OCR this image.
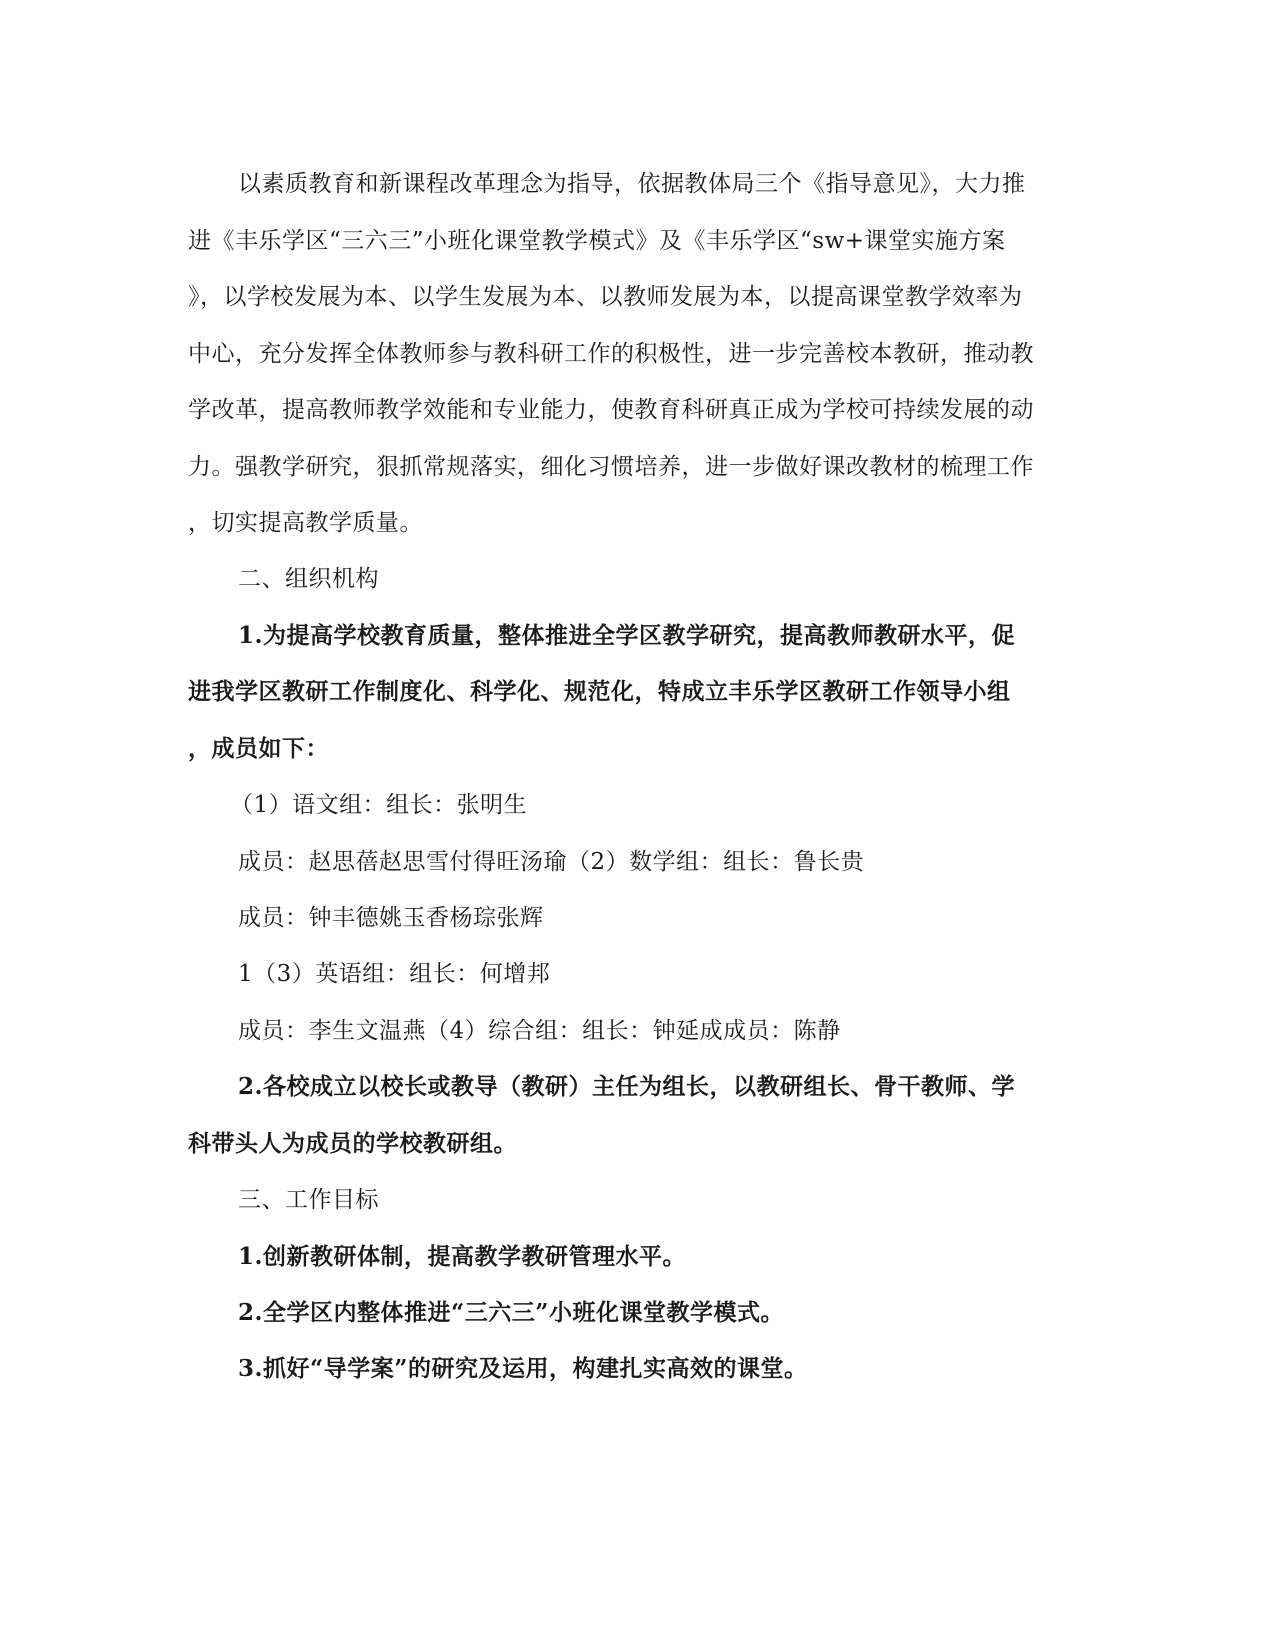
以素质教育和新课程改革理念为指导，依据教体局三个《指导意见》，大力推
进《丰乐学区“三六三”小班化课堂教学模式》及《丰乐学区“sw+课堂实施方案
》，以学校发展为本、以学生发展为本、以教师发展为本，以提高课堂教学效率为
中心，充分发挥全体教师参与教科研工作的积极性，进一步完善校本教研，推动教
学改革，提高教师教学效能和专业能力，使教育科研真正成为学校可持续发展的动
力。强教学研究，狠抓常规落实，细化习惯培养，进一步做好课改教材的梳理工作
，切实提高教学质量。
二、组织机构
1.为提高学校教育质量，整体推进全学区教学研究，提高教师教研水平，促
进我学区教研工作制度化、科学化、规范化，特成立丰乐学区教研工作领导小组
，成员如下：
（1）语文组：组长：张明生
成员：赵思蓓赵思雪付得旺汤瑜（2）数学组：组长：鲁长贵
成员：钟丰德姚玉香杨琮张辉
1（3）英语组：组长：何增邦
成员：李生文温燕（4）综合组：组长：钟延成成员：陈静
2.各校成立以校长或教导（教研）主任为组长，以教研组长、骨干教师、学
科带头人为成员的学校教研组。
三、工作目标
1.创新教研体制，提高教学教研管理水平。
2.全学区内整体推进“三六三”小班化课堂教学模式。
3.抓好“导学案”的研究及运用，构建扎实高效的课堂。
